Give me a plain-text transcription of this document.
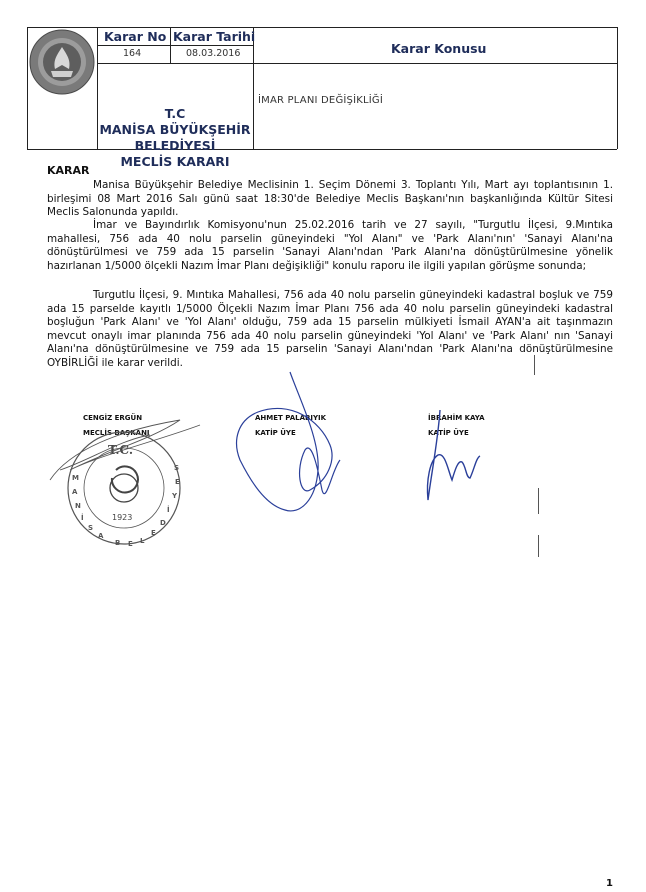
Karar No Karar Tarihi
Karar Konusu
164	08.03.2016
T.C
MANİSA BÜYÜKŞEHİR
BELEDİYESİ
MECLİS KARARI
İMAR PLANI DEĞİŞİKLİĞİ
KARAR
Manisa Büyükşehir Belediye Meclisinin 1. Seçim Dönemi 3. Toplantı Yılı, Mart ayı toplantısının 1. birleşimi 08 Mart 2016 Salı günü saat 18:30'de Belediye Meclis Başkanı'nın başkanlığında Kültür Sitesi Meclis Salonunda yapıldı.
İmar ve Bayındırlık Komisyonu'nun 25.02.2016 tarih ve 27 sayılı, "Turgutlu İlçesi, 9.Mıntıka mahallesi, 756 ada 40 nolu parselin güneyindeki "Yol Alanı" ve 'Park Alanı'nın' 'Sanayi Alanı'na dönüştürülmesi ve 759 ada 15 parselin 'Sanayi Alanı'ndan 'Park Alanı'na dönüştürülmesine yönelik hazırlanan 1/5000 ölçekli Nazım İmar Planı değişikliği" konulu raporu ile ilgili yapılan görüşme sonunda;
Turgutlu İlçesi, 9. Mıntıka Mahallesi, 756 ada 40 nolu parselin güneyindeki kadastral boşluk ve 759 ada 15 parselde kayıtlı 1/5000 Ölçekli Nazım İmar Planı 756 ada 40 nolu parselin güneyindeki kadastral boşluğun 'Park Alanı' ve 'Yol Alanı' olduğu, 759 ada 15 parselin mülkiyeti İsmail AYAN'a ait taşınmazın mevcut onaylı imar planında 756 ada 40 nolu parselin güneyindeki 'Yol Alanı' ve 'Park Alanı' nın 'Sanayi Alanı'na dönüştürülmesine ve 759 ada 15 parselin 'Sanayi Alanı'ndan 'Park Alanı'na dönüştürülmesine OYBİRLİĞİ ile karar verildi.
CENGİZ ERGÜN
MECLİS BAŞKANI
AHMET PALABIYIK
KATİP ÜYE
İBRAHİM KAYA
KATİP ÜYE
T.C.
1923
M
A
N
İ
S
A
B E L
E
D
İ
Y
E
S
1
